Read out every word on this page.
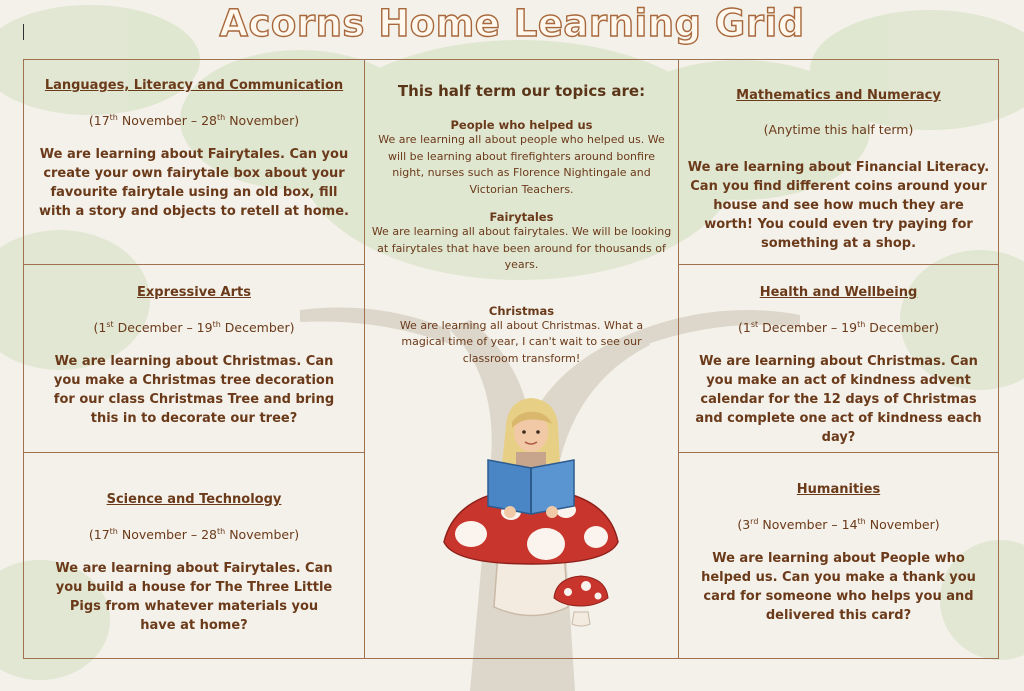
Acorns Home Learning Grid

Languages, Literacy and Communication

(17th November – 28th November)

We are learning about Fairytales. Can you create your own fairytale box about your favourite fairytale using an old box, fill with a story and objects to retell at home.

Expressive Arts

(1st December – 19th December)

We are learning about Christmas. Can you make a Christmas tree decoration for our class Christmas Tree and bring this in to decorate our tree?

Science and Technology

(17th November – 28th November)

We are learning about Fairytales. Can you build a house for The Three Little Pigs from whatever materials you have at home?

This half term our topics are:

People who helped us

We are learning all about people who helped us. We will be learning about firefighters around bonfire night, nurses such as Florence Nightingale and Victorian Teachers.

Fairytales

We are learning all about fairytales. We will be looking at fairytales that have been around for thousands of years.

Christmas

We are learning all about Christmas. What a magical time of year, I can't wait to see our classroom transform!

Mathematics and Numeracy

(Anytime this half term)

We are learning about Financial Literacy. Can you find different coins around your house and see how much they are worth! You could even try paying for something at a shop.

Health and Wellbeing

(1st December – 19th December)

We are learning about Christmas. Can you make an act of kindness advent calendar for the 12 days of Christmas and complete one act of kindness each day?

Humanities

(3rd November – 14th November)

We are learning about People who helped us. Can you make a thank you card for someone who helps you and delivered this card?
